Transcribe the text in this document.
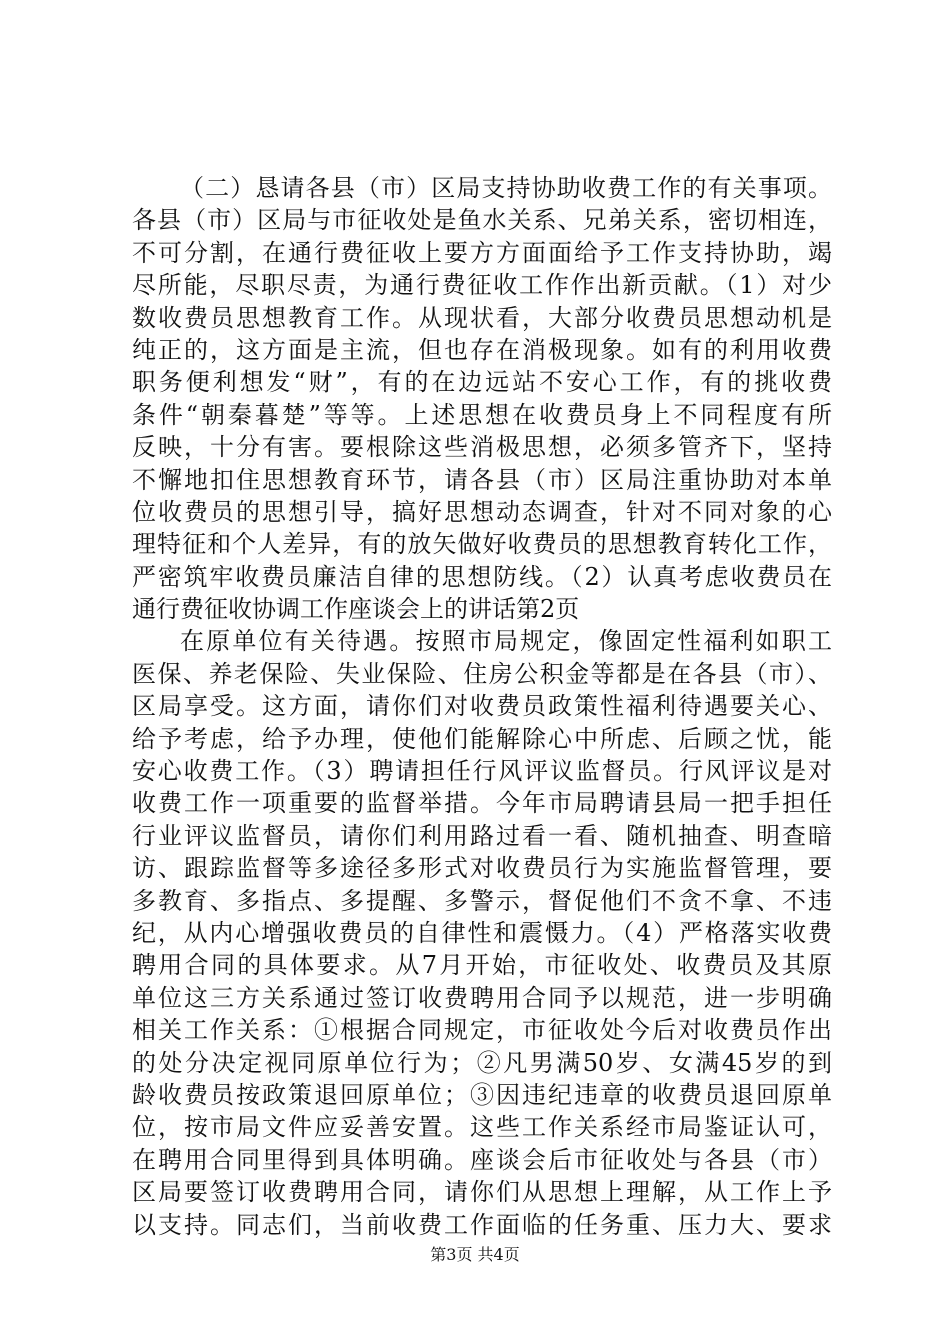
（二）恳请各县（市）区局支持协助收费工作的有关事项。
各县（市）区局与市征收处是鱼水关系、兄弟关系，密切相连，
不可分割，在通行费征收上要方方面面给予工作支持协助，竭
尽所能，尽职尽责，为通行费征收工作作出新贡献。（1）对少
数收费员思想教育工作。从现状看，大部分收费员思想动机是
纯正的，这方面是主流，但也存在消极现象。如有的利用收费
职务便利想发“财”，有的在边远站不安心工作，有的挑收费
条件“朝秦暮楚”等等。上述思想在收费员身上不同程度有所
反映，十分有害。要根除这些消极思想，必须多管齐下，坚持
不懈地扣住思想教育环节，请各县（市）区局注重协助对本单
位收费员的思想引导，搞好思想动态调查，针对不同对象的心
理特征和个人差异，有的放矢做好收费员的思想教育转化工作，
严密筑牢收费员廉洁自律的思想防线。（2）认真考虑收费员在
通行费征收协调工作座谈会上的讲话第2页
在原单位有关待遇。按照市局规定，像固定性福利如职工
医保、养老保险、失业保险、住房公积金等都是在各县（市）、
区局享受。这方面，请你们对收费员政策性福利待遇要关心、
给予考虑，给予办理，使他们能解除心中所虑、后顾之忧，能
安心收费工作。（3）聘请担任行风评议监督员。行风评议是对
收费工作一项重要的监督举措。今年市局聘请县局一把手担任
行业评议监督员，请你们利用路过看一看、随机抽查、明查暗
访、跟踪监督等多途径多形式对收费员行为实施监督管理，要
多教育、多指点、多提醒、多警示，督促他们不贪不拿、不违
纪，从内心增强收费员的自律性和震慑力。（4）严格落实收费
聘用合同的具体要求。从7月开始，市征收处、收费员及其原
单位这三方关系通过签订收费聘用合同予以规范，进一步明确
相关工作关系：①根据合同规定，市征收处今后对收费员作出
的处分决定视同原单位行为；②凡男满50岁、女满45岁的到
龄收费员按政策退回原单位；③因违纪违章的收费员退回原单
位，按市局文件应妥善安置。这些工作关系经市局鉴证认可，
在聘用合同里得到具体明确。座谈会后市征收处与各县（市）
区局要签订收费聘用合同，请你们从思想上理解，从工作上予
以支持。同志们，当前收费工作面临的任务重、压力大、要求
第3页 共4页
